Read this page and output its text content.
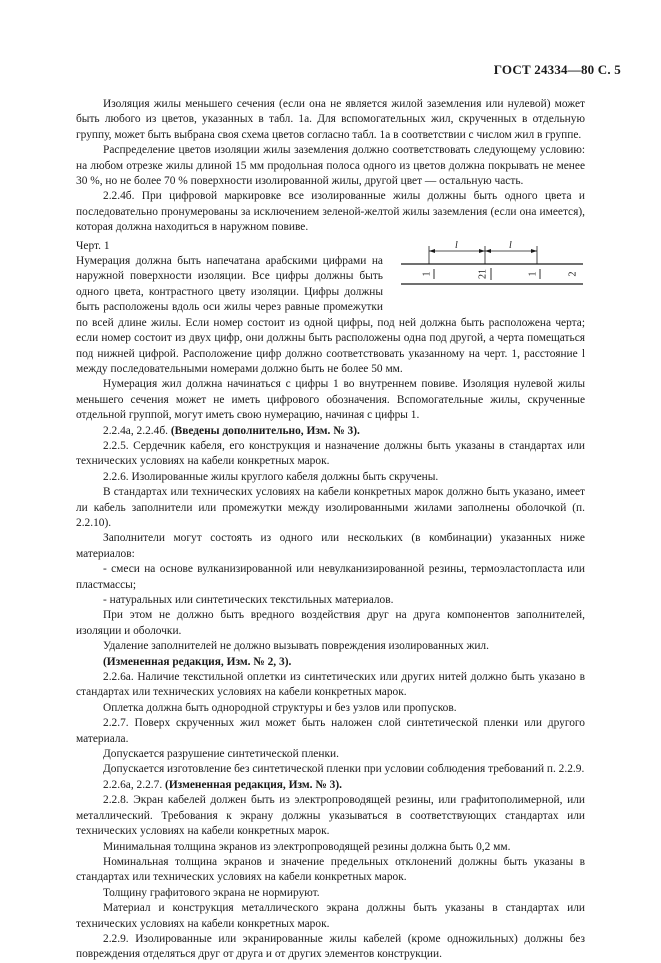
ГОСТ 24334—80 С. 5

Изоляция жилы меньшего сечения (если она не является жилой заземления или нулевой) может быть любого из цветов, указанных в табл. 1а. Для вспомогательных жил, скрученных в отдельную группу, может быть выбрана своя схема цветов согласно табл. 1а в соответствии с числом жил в группе.

Распределение цветов изоляции жилы заземления должно соответствовать следующему условию: на любом отрезке жилы длиной 15 мм продольная полоса одного из цветов должна покрывать не менее 30 %, но не более 70 % поверхности изолированной жилы, другой цвет — остальную часть.

2.2.4б. При цифровой маркировке все изолированные жилы должны быть одного цвета и последовательно пронумерованы за исключением зеленой-желтой жилы заземления (если она имеется), которая должна находиться в наружном повиве.

l	l
1	21	1	2

Черт. 1
Нумерация должна быть напечатана арабскими цифрами на наружной поверхности изоляции. Все цифры должны быть одного цвета, контрастного цвету изоляции. Цифры должны быть расположены вдоль оси жилы через равные промежутки по всей длине жилы. Если номер состоит из одной цифры, под ней должна быть расположена черта; если номер состоит из двух цифр, они должны быть расположены одна под другой, а черта помещаться под нижней цифрой. Расположение цифр должно соответствовать указанному на черт. 1, расстояние l между последовательными номерами должно быть не более 50 мм.

Нумерация жил должна начинаться с цифры 1 во внутреннем повиве. Изоляция нулевой жилы меньшего сечения может не иметь цифрового обозначения. Вспомогательные жилы, скрученные отдельной группой, могут иметь свою нумерацию, начиная с цифры 1.

2.2.4а, 2.2.4б. (Введены дополнительно, Изм. № 3).

2.2.5. Сердечник кабеля, его конструкция и назначение должны быть указаны в стандартах или технических условиях на кабели конкретных марок.

2.2.6. Изолированные жилы круглого кабеля должны быть скручены.

В стандартах или технических условиях на кабели конкретных марок должно быть указано, имеет ли кабель заполнители или промежутки между изолированными жилами заполнены оболочкой (п. 2.2.10).

Заполнители могут состоять из одного или нескольких (в комбинации) указанных ниже материалов:

- смеси на основе вулканизированной или невулканизированной резины, термоэластопласта или пластмассы;

- натуральных или синтетических текстильных материалов.

При этом не должно быть вредного воздействия друг на друга компонентов заполнителей, изоляции и оболочки.

Удаление заполнителей не должно вызывать повреждения изолированных жил.

(Измененная редакция, Изм. № 2, 3).

2.2.6а. Наличие текстильной оплетки из синтетических или других нитей должно быть указано в стандартах или технических условиях на кабели конкретных марок.

Оплетка должна быть однородной структуры и без узлов или пропусков.

2.2.7. Поверх скрученных жил может быть наложен слой синтетической пленки или другого материала.

Допускается разрушение синтетической пленки.

Допускается изготовление без синтетической пленки при условии соблюдения требований п. 2.2.9.

2.2.6а, 2.2.7. (Измененная редакция, Изм. № 3).

2.2.8. Экран кабелей должен быть из электропроводящей резины, или графитополимерной, или металлический. Требования к экрану должны указываться в соответствующих стандартах или технических условиях на кабели конкретных марок.

Минимальная толщина экранов из электропроводящей резины должна быть 0,2 мм.

Номинальная толщина экранов и значение предельных отклонений должны быть указаны в стандартах или технических условиях на кабели конкретных марок.

Толщину графитового экрана не нормируют.

Материал и конструкция металлического экрана должны быть указаны в стандартах или технических условиях на кабели конкретных марок.

2.2.9. Изолированные или экранированные жилы кабелей (кроме одножильных) должны без повреждения отделяться друг от друга и от других элементов конструкции.
